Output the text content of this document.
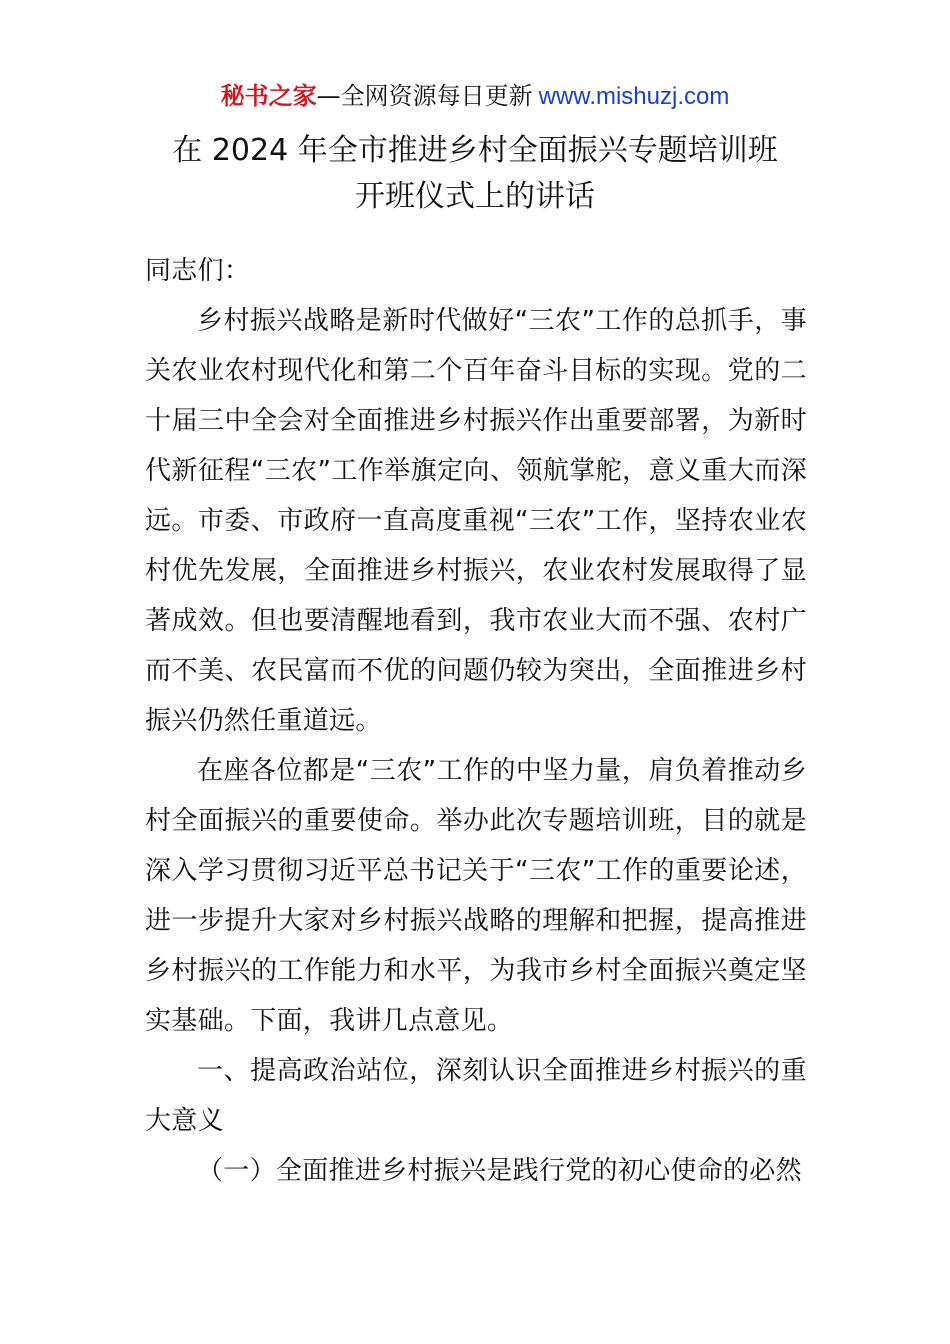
秘书之家—全网资源每日更新 www.mishuzj.com
在 2024 年全市推进乡村全面振兴专题培训班
开班仪式上的讲话

同志们：

乡村振兴战略是新时代做好“三农”工作的总抓手，事关农业农村现代化和第二个百年奋斗目标的实现。党的二十届三中全会对全面推进乡村振兴作出重要部署，为新时代新征程“三农”工作举旗定向、领航掌舵，意义重大而深远。市委、市政府一直高度重视“三农”工作，坚持农业农村优先发展，全面推进乡村振兴，农业农村发展取得了显著成效。但也要清醒地看到，我市农业大而不强、农村广而不美、农民富而不优的问题仍较为突出，全面推进乡村振兴仍然任重道远。

在座各位都是“三农”工作的中坚力量，肩负着推动乡村全面振兴的重要使命。举办此次专题培训班，目的就是深入学习贯彻习近平总书记关于“三农”工作的重要论述，进一步提升大家对乡村振兴战略的理解和把握，提高推进乡村振兴的工作能力和水平，为我市乡村全面振兴奠定坚实基础。下面，我讲几点意见。

一、提高政治站位，深刻认识全面推进乡村振兴的重大意义

（一）全面推进乡村振兴是践行党的初心使命的必然
